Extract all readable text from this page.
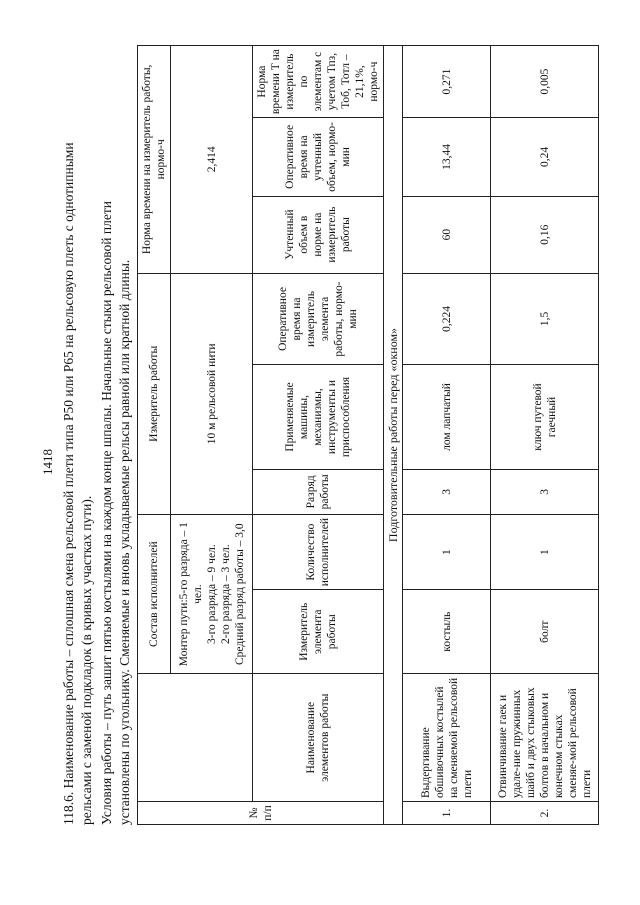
1418 118.6. Наименование работы – сплошная смена рельсовой плети типа Р50 или Р65 на рельсовую плеть с однотипными рельсами с заменой подкладок (в кривых участках пути). Условия работы – путь зашит пятью костылями на каждом конце шпалы. Начальные стыки рельсовой плети установлены по угольнику. Сменяемые и вновь укладываемые рельсы равной или кратной длины.	№ п/п		Состав исполнителей		Измеритель работы			Норма времени на измеритель работы, нормо-ч		

		Монтер пути:5-го разряда – 1 чел. 3-го разряда – 9 чел. 2-го разряда – 3 чел. Средний разряд работы – 3,0		10 м рельсовой нити			2,414		
	Наименование элементов работы	Измеритель элемента работы	Количество исполнителей	Разряд работы	Применяемые машины, механизмы, инструменты и приспособления	Оперативное время на измеритель элемента работы, нормо-мин	Учтенный объем в норме на измеритель работы	Оперативное время на учтенный объем, нормо-мин	Норма времени Т на измеритель по элементам с учетом Тпз, Тоб, Тотл – 21,1%, нормо-ч
Подготовительные работы перед «окном»									
1.	Выдергивание обшивочных костылей на сменяемой рельсовой плети	костыль	1	3	лом лапчатый	0,224	60	13,44	0,271
2.	Отвинчивание гаек и удале-ние пружинных шайб и двух стыковых болтов в начальном и конечном стыках сменяе-мой рельсовой плети	болт	1	3	ключ путевой гаечный	1,5	0,16	0,24	0,005
